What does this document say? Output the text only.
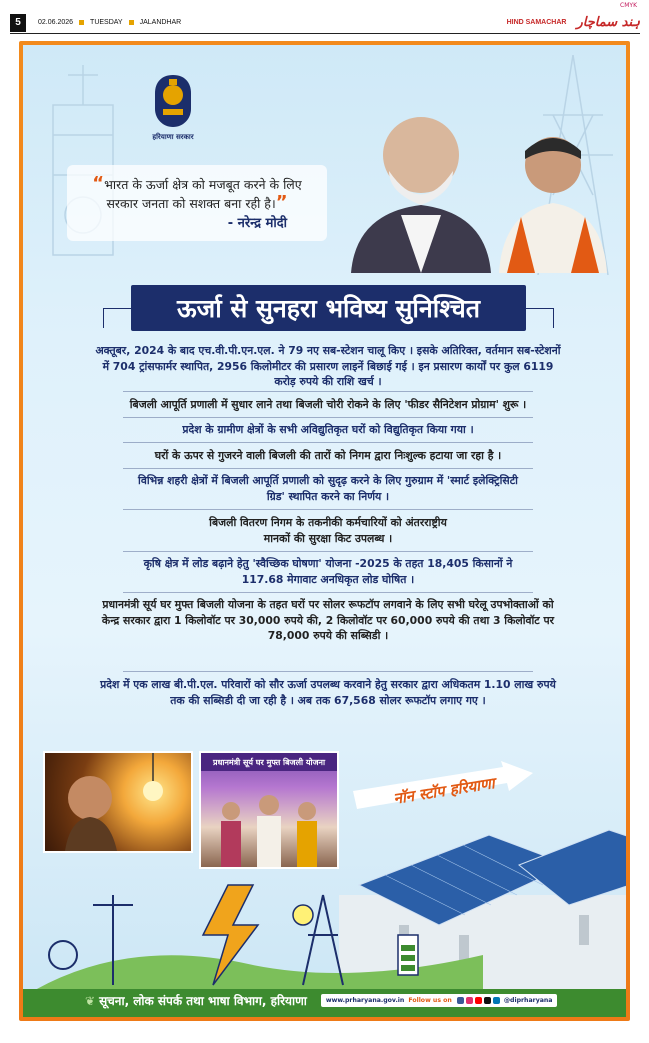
CMYK
5	02.06.2026 TUESDAY JALANDHAR	HIND SAMACHAR ہند سماچار
हरियाणा सरकार
“भारत के ऊर्जा क्षेत्र को मजबूत करने के लिए
सरकार जनता को सशक्त बना रही है।”
- नरेन्द्र मोदी
ऊर्जा से सुनहरा भविष्य सुनिश्चित
अक्तूबर, 2024 के बाद एच.वी.पी.एन.एल. ने 79 नए सब-स्टेशन चालू किए । इसके अतिरिक्त, वर्तमान सब-स्टेशनों में 704 ट्रांसफार्मर स्थापित, 2956 किलोमीटर की प्रसारण लाइनें बिछाई गई । इन प्रसारण कार्यों पर कुल 6119 करोड़ रुपये की राशि खर्च ।
बिजली आपूर्ति प्रणाली में सुधार लाने तथा बिजली चोरी रोकने के लिए 'फीडर सैनिटेशन प्रोग्राम' शुरू ।
प्रदेश के ग्रामीण क्षेत्रों के सभी अविद्युतिकृत घरों को विद्युतिकृत किया गया ।
घरों के ऊपर से गुजरने वाली बिजली की तारों को निगम द्वारा निःशुल्क हटाया जा रहा है ।
विभिन्न शहरी क्षेत्रों में बिजली आपूर्ति प्रणाली को सुदृढ़ करने के लिए गुरुग्राम में 'स्मार्ट इलेक्ट्रिसिटी ग्रिड' स्थापित करने का निर्णय ।
बिजली वितरण निगम के तकनीकी कर्मचारियों को अंतरराष्ट्रीय मानकों की सुरक्षा किट उपलब्ध ।
कृषि क्षेत्र में लोड बढ़ाने हेतु 'स्वैच्छिक घोषणा' योजना -2025 के तहत 18,405 किसानों ने 117.68 मेगावाट अनधिकृत लोड घोषित ।
प्रधानमंत्री सूर्य घर मुफ्त बिजली योजना के तहत घरों पर सोलर रूफटॉप लगवाने के लिए सभी घरेलू उपभोक्ताओं को केन्द्र सरकार द्वारा 1 किलोवॉट पर 30,000 रुपये की, 2 किलोवॉट पर 60,000 रुपये की तथा 3 किलोवॉट पर 78,000 रुपये की सब्सिडी ।
प्रदेश में एक लाख बी.पी.एल. परिवारों को सौर ऊर्जा उपलब्ध करवाने हेतु सरकार द्वारा अधिकतम 1.10 लाख रुपये तक की सब्सिडी दी जा रही है । अब तक 67,568 सोलर रूफटॉप लगाए गए ।
प्रधानमंत्री सूर्य घर मुफ्त बिजली योजना
नॉन स्टॉप हरियाणा
❦ सूचना, लोक संपर्क तथा भाषा विभाग, हरियाणा	www.prharyana.gov.in Follow us on	@diprharyana
